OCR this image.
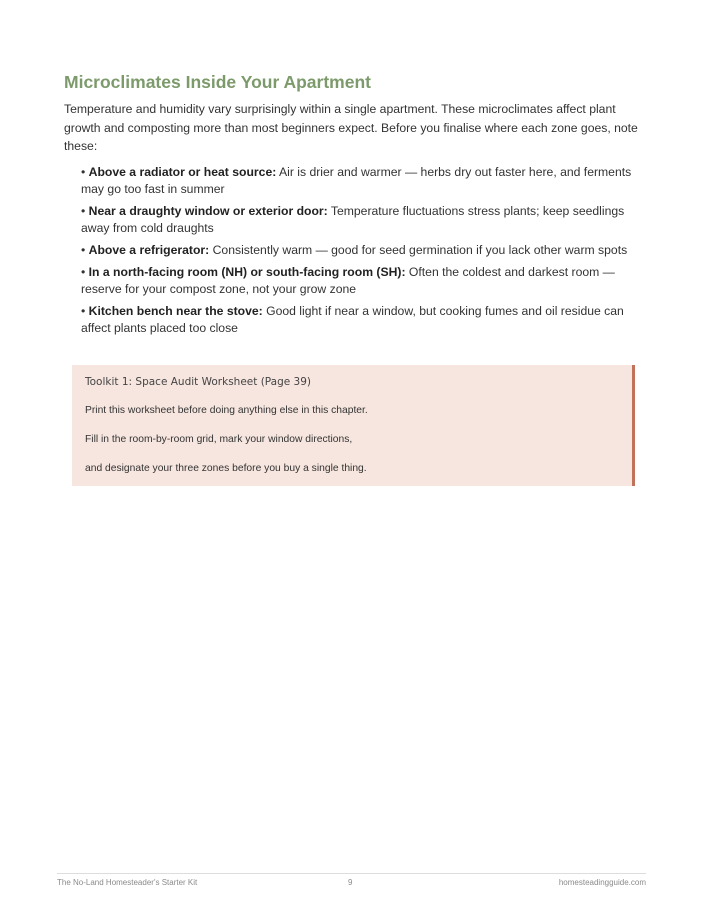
Microclimates Inside Your Apartment

Temperature and humidity vary surprisingly within a single apartment. These microclimates affect plant growth and composting more than most beginners expect. Before you finalise where each zone goes, note these:

• Above a radiator or heat source: Air is drier and warmer — herbs dry out faster here, and ferments may go too fast in summer
• Near a draughty window or exterior door: Temperature fluctuations stress plants; keep seedlings away from cold draughts
• Above a refrigerator: Consistently warm — good for seed germination if you lack other warm spots
• In a north-facing room (NH) or south-facing room (SH): Often the coldest and darkest room — reserve for your compost zone, not your grow zone
• Kitchen bench near the stove: Good light if near a window, but cooking fumes and oil residue can affect plants placed too close

Toolkit 1: Space Audit Worksheet (Page 39)

Print this worksheet before doing anything else in this chapter.

Fill in the room-by-room grid, mark your window directions,

and designate your three zones before you buy a single thing.

The No-Land Homesteader's Starter Kit	9	homesteadingguide.com
